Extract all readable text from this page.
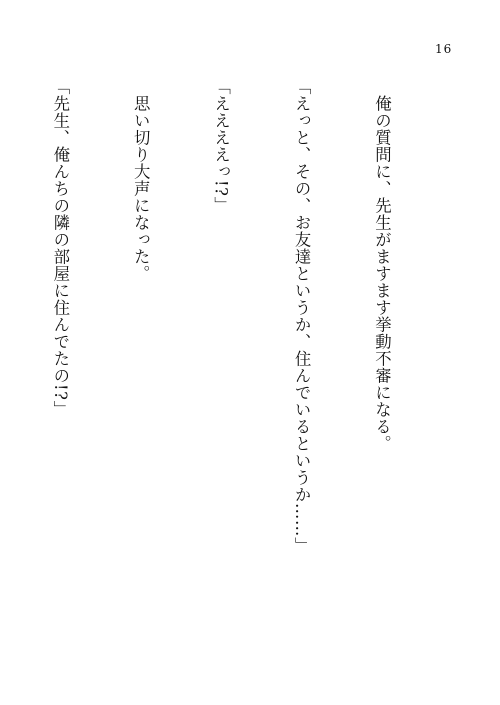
16

　俺の質問に、先生がますます挙動不審になる。

「えっと、その、お友達というか、住んでいるというか……」

「ええええっ!?」

　思い切り大声になった。

「先生、俺んちの隣の部屋に住んでたの!?」
